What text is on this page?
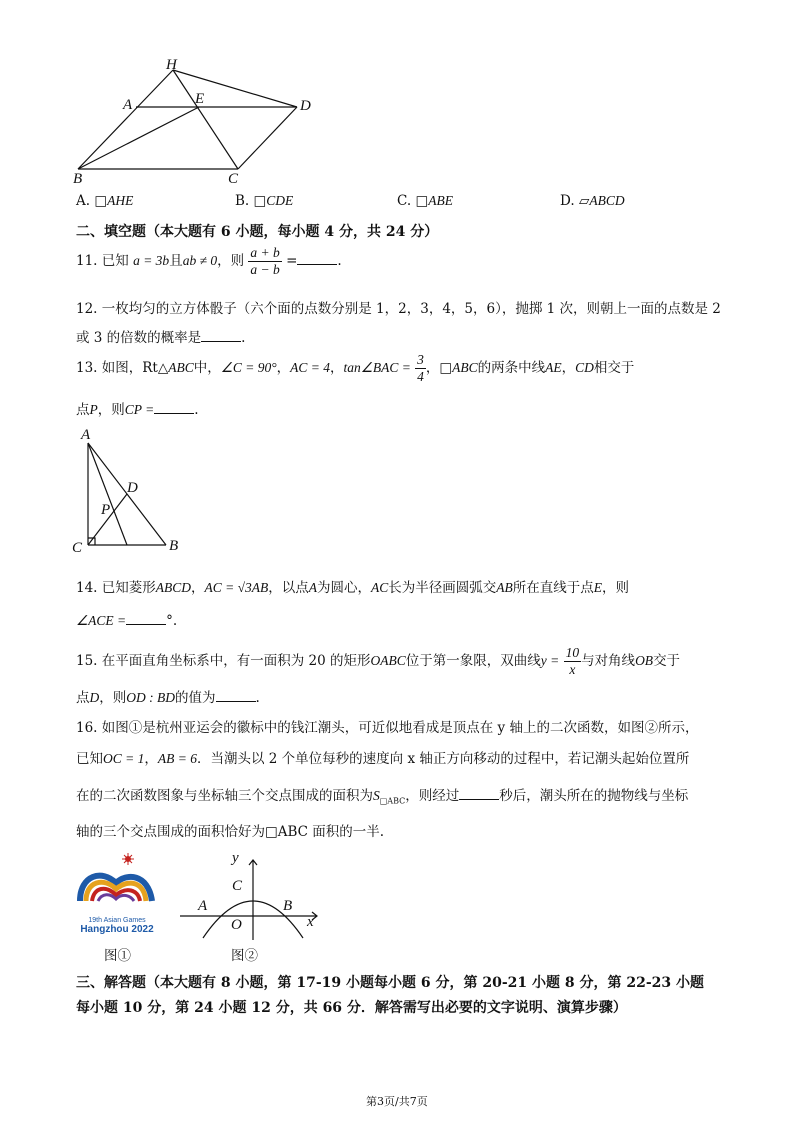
H
A	E	D
B	C
A. □AHE	B. □CDE	C. □ABE	D. ▱ABCD
二、填空题（本大题有 6 小题，每小题 4 分，共 24 分）
11. 已知 a = 3b且ab ≠ 0，则 $\frac{a + b}{a - b}$ =	.
12. 一枚均匀的立方体骰子（六个面的点数分别是 1，2，3，4，5，6），抛掷 1 次，则朝上一面的点数是 2
或 3 的倍数的概率是	.
13. 如图，Rt△ABC中，∠C = 90°，AC = 4，tan∠BAC = $\frac{3}{4}$ ，□ABC的两条中线AE，CD相交于
点P，则CP =	.
A
D
P
C	B
14. 已知菱形ABCD，AC = √3AB，以点A为圆心，AC长为半径画圆弧交AB所在直线于点E，则
∠ACE =	°.
15. 在平面直角坐标系中，有一面积为 20 的矩形OABC位于第一象限，双曲线$y = \frac{10}{x}$ 与对角线OB交于
点D，则OD : BD的值为	.
16. 如图①是杭州亚运会的徽标中的钱江潮头，可近似地看成是顶点在 y 轴上的二次函数，如图②所示，
已知OC = 1，AB = 6．当潮头以 2 个单位每秒的速度向 x 轴正方向移动的过程中，若记潮头起始位置所
在的二次函数图象与坐标轴三个交点围成的面积为$S_{□ABC}$，则经过	秒后，潮头所在的抛物线与坐标
轴的三个交点围成的面积恰好为□ABC 面积的一半.
19th Asian Games
Hangzhou 2022
图①
y
C
A	B
O	x
图②
三、解答题（本大题有 8 小题，第 17-19 小题每小题 6 分，第 20-21 小题 8 分，第 22-23 小题
每小题 10 分，第 24 小题 12 分，共 66 分．解答需写出必要的文字说明、演算步骤）
第3页/共7页
